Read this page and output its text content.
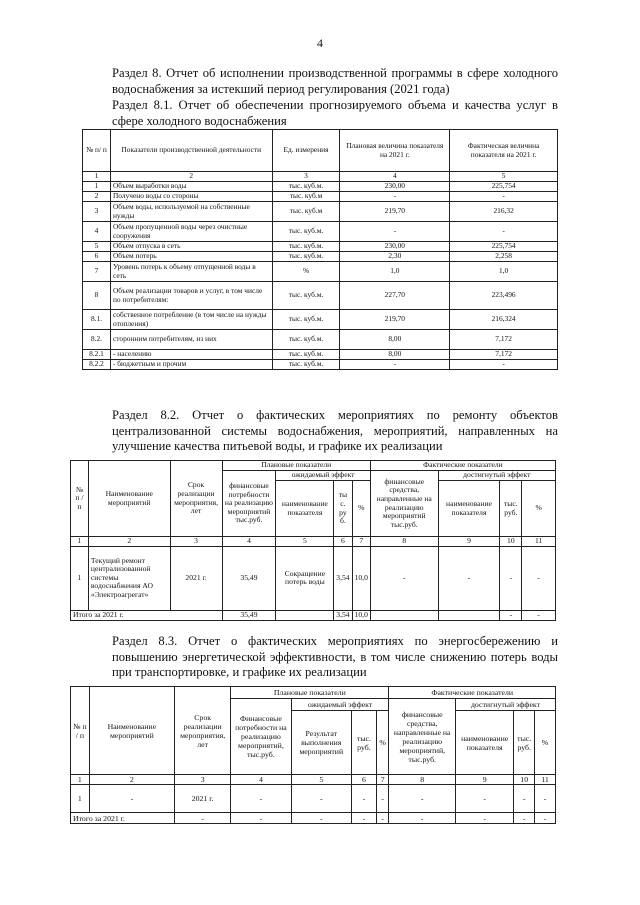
4
Раздел 8. Отчет об исполнении производственной программы в сфере холодного водоснабжения за истекший период регулирования (2021 года)
Раздел 8.1. Отчет об обеспечении прогнозируемого объема и качества услуг в сфере холодного водоснабжения
№ п/ п	Показатели производственной деятельности	Ед. измерения	Плановая величина показателя на 2021 г.	Фактическая величина показателя на 2021 г.
1	2	3	4	5
1	Объем выработки воды	тыс. куб.м.	230,00	225,754
2	Получено воды со стороны	тыс. куб.м	-	-
3	Объем воды, используемой на собственные нужды	тыс. куб.м	219,70	216,32
4	Объем пропущенной воды через очистные сооружения	тыс. куб.м.	-	-
5	Объем отпуска в сеть	тыс. куб.м.	230,00	225,754
6	Объем потерь	тыс. куб.м.	2,30	2,258
7	Уровень потерь к объему отпущенной воды в сеть	%	1,0	1,0
8	Объем реализации товаров и услуг, в том числе по потребителям:	тыс. куб.м.	227,70	223,496
8.1.	собственное потребление (в том числе на нужды отопления)	тыс. куб.м.	219,70	216,324
8.2.	сторонним потребителям, из них	тыс. куб.м.	8,00	7,172
8.2.1	- населению	тыс. куб.м.	8,00	7,172
8.2.2	- бюджетным и прочим	тыс. куб.м.	-	-
Раздел 8.2. Отчет о фактических мероприятиях по ремонту объектов централизованной системы водоснабжения, мероприятий, направленных на улучшение качества питьевой воды, и графике их реализации
№ п / п	Наименование мероприятий	Срок реализации мероприятия, лет	Плановые показатели				Фактические показатели			
			финансовые потребности на реализацию мероприятий тыс.руб.	ожидаемый эффект			финансовые средства, направленные на реализацию мероприятий тыс.руб.	достигнутый эффект		
				наименование показателя	ты с. ру б.	%		наименование показателя	тыс. руб.	%
1	2	3	4	5	6	7	8	9	10	11
1	Текущий ремонт централизованной системы водоснабжения АО «Электроагрегат»	2021 г.	35,49	Сокращение потерь воды	3,54	10,0	-	-	-	-
Итого за 2021 г.			35,49		3,54	10,0			-	-
Раздел 8.3. Отчет о фактических мероприятиях по энергосбережению и повышению энергетической эффективности, в том числе снижению потерь воды при транспортировке, и графике их реализации
№ п / п	Наименование мероприятий	Срок реализации мероприятия, лет	Плановые показатели				Фактические показатели			
			Финансовые потребности на реализацию мероприятий, тыс.руб.	ожидаемый эффект			финансовые средства, направленные на реализацию мероприятий, тыс.руб.	достигнутый эффект		
				Результат выполнения мероприятий	тыс. руб.	%		наименование показателя	тыс. руб.	%
1	2	3	4	5	6	7	8	9	10	11
1	-	2021 г.	-	-	-	-	-	-	-	-
Итого за 2021 г.		-	-	-	-	-	-	-	-	-
